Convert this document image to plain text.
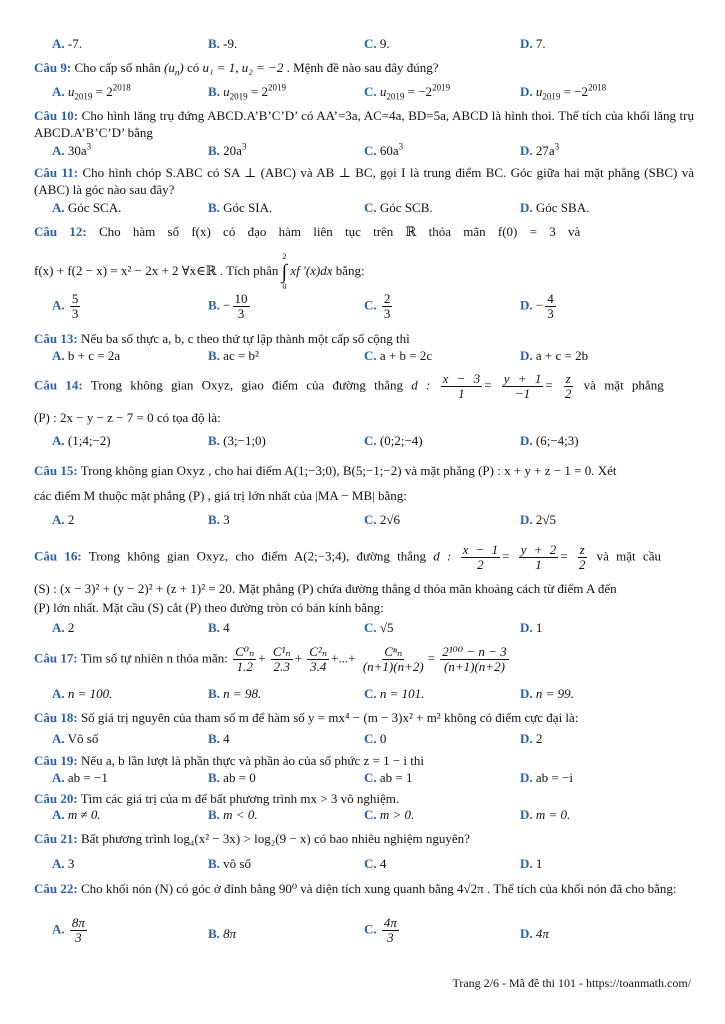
A. -7.	B. -9.	C. 9.	D. 7.
Câu 9: Cho cấp số nhân $(u_n)$ có u₁ = 1, u₂ = −2 . Mệnh đề nào sau đây đúng?
A. $u_{2019} = 2^{2018}$	B. $u_{2019} = 2^{2019}$	C. $u_{2019} = -2^{2019}$	D. $u_{2019} = -2^{2018}$
Câu 10: Cho hình lăng trụ đứng ABCD.A’B’C’D’ có AA’=3a, AC=4a, BD=5a, ABCD là hình thoi. Thể tích của khối lăng trụ ABCD.A’B’C’D’ bằng
A. $30a^3$	B. $20a^3$	C. $60a^3$	D. $27a^3$
Câu 11: Cho hình chóp S.ABC có SA ⊥ (ABC) và AB ⊥ BC, gọi I là trung điểm BC. Góc giữa hai mặt phẳng (SBC) và (ABC) là góc nào sau đây?
A. Góc SCA.	B. Góc SIA.	C. Góc SCB.	D. Góc SBA.
Câu 12: Cho hàm số f(x) có đạo hàm liên tục trên ℝ thỏa mãn f(0) = 3 và
f(x) + f(2 − x) = x² − 2x + 2 ∀x∈ℝ . Tích phân
2
∫
0
xf '(x)dx bằng:
A. $\frac{5}{3}$	B. − $\frac{10}{3}$	C. $\frac{2}{3}$	D. − $\frac{4}{3}$
Câu 13: Nếu ba số thực a, b, c theo thứ tự lập thành một cấp số cộng thì
A. b + c = 2a	B. ac = b²	C. a + b = 2c	D. a + c = 2b
Câu 14: Trong không gian Oxyz, giao điểm của đường thẳng d : $\frac{x - 3}{1} = \frac{y + 1}{-1} = \frac{z}{2}$ và mặt phẳng
(P) : 2x − y − z − 7 = 0 có tọa độ là:
A. (1;4;−2)	B. (3;−1;0)	C. (0;2;−4)	D. (6;−4;3)
Câu 15: Trong không gian Oxyz , cho hai điểm A(1;−3;0), B(5;−1;−2) và mặt phẳng (P) : x + y + z − 1 = 0. Xét
các điểm M thuộc mặt phẳng (P) , giá trị lớn nhất của |MA − MB| bằng:
A. 2	B. 3	C. 2√6	D. 2√5
Câu 16: Trong không gian Oxyz, cho điểm A(2;−3;4), đường thẳng d : $\frac{x - 1}{2} = \frac{y + 2}{1} = \frac{z}{2}$ và mặt cầu
(S) : (x − 3)² + (y − 2)² + (z + 1)² = 20. Mặt phẳng (P) chứa đường thẳng d thỏa mãn khoảng cách từ điểm A đến
(P) lớn nhất. Mặt cầu (S) cắt (P) theo đường tròn có bán kính bằng:
A. 2	B. 4	C. √5	D. 1
Câu 17: Tìm số tự nhiên n thỏa mãn: $\frac{\text{C⁰ₙ}}{1.2} + \frac{\text{C¹ₙ}}{2.3} + \frac{\text{C²ₙ}}{3.4}$ +...+ $\frac{\text{Cⁿₙ}}{(n+1)(n+2)} = \frac{\text{2¹⁰⁰ − n − 3}}{(n+1)(n+2)}$
A. n = 100.	B. n = 98.	C. n = 101.	D. n = 99.
Câu 18: Số giá trị nguyên của tham số m để hàm số y = mx⁴ − (m − 3)x² + m² không có điểm cực đại là:
A. Vô số	B. 4	C. 0	D. 2
Câu 19: Nếu a, b lần lượt là phần thực và phần ảo của số phức z = 1 − i thì
A. ab = −1	B. ab = 0	C. ab = 1	D. ab = −i
Câu 20: Tìm các giá trị của m để bất phương trình mx > 3 vô nghiệm.
A. m ≠ 0.	B. m < 0.	C. m > 0.	D. m = 0.
Câu 21: Bất phương trình log₄(x² − 3x) > log₂(9 − x) có bao nhiêu nghiệm nguyên?
A. 3	B. vô số	C. 4	D. 1
Câu 22: Cho khối nón (N) có góc ở đỉnh bằng 90⁰ và diện tích xung quanh bằng 4√2π . Thể tích của khối nón đã cho bằng:
A. $\frac{8\pi}{3}$	B. 8π	C. $\frac{4\pi}{3}$	D. 4π
Trang 2/6 - Mã đề thi 101 - https://toanmath.com/
